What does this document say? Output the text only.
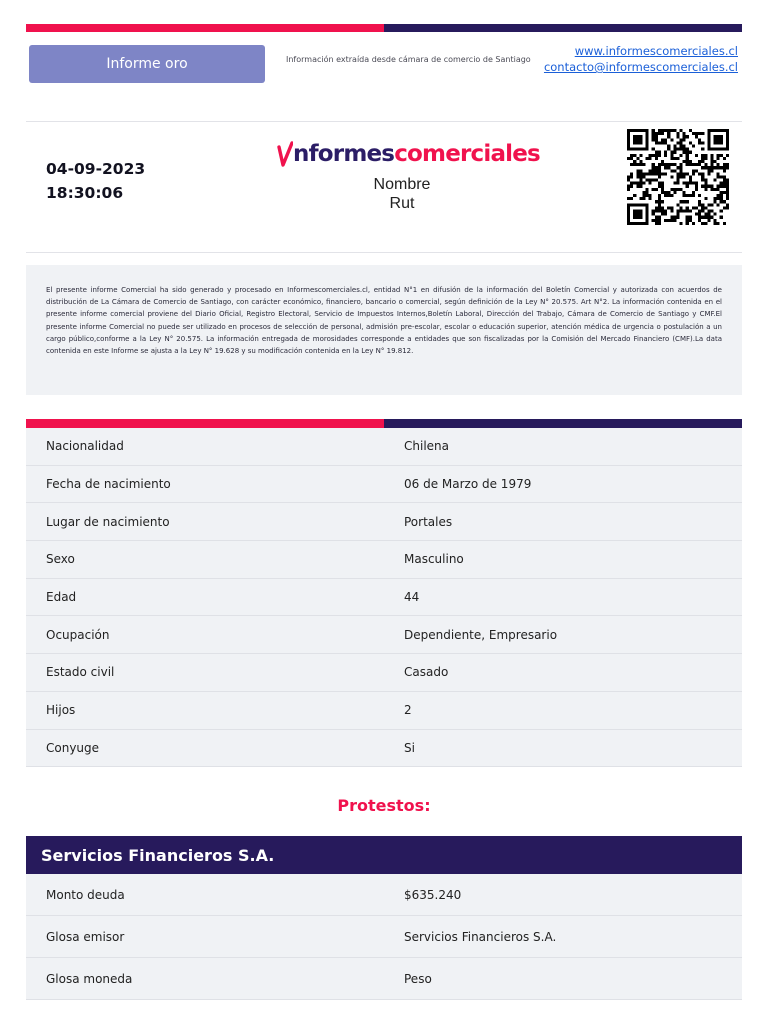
Informe oro	Información extraída desde cámara de comercio de Santiago
www.informescomerciales.cl
contacto@informescomerciales.cl
04-09-2023
18:30:06
nformescomerciales
Nombre
Rut

El presente informe Comercial ha sido generado y procesado en Informescomerciales.cl, entidad N°1 en difusión de la información del Boletín Comercial y autorizada con acuerdos de distribución de La Cámara de Comercio de Santiago, con carácter económico, financiero, bancario o comercial, según definición de la Ley N° 20.575. Art N°2. La información contenida en el presente informe comercial proviene del Diario Oficial, Registro Electoral, Servicio de Impuestos Internos,Boletín Laboral, Dirección del Trabajo, Cámara de Comercio de Santiago y CMF.El presente informe Comercial no puede ser utilizado en procesos de selección de personal, admisión pre-escolar, escolar o educación superior, atención médica de urgencia o postulación a un cargo público,conforme a la Ley N° 20.575. La información entregada de morosidades corresponde a entidades que son fiscalizadas por la Comisión del Mercado Financiero (CMF).La data contenida en este Informe se ajusta a la Ley N° 19.628 y su modificación contenida en la Ley N° 19.812.

Nacionalidad	Chilena
Fecha de nacimiento	06 de Marzo de 1979
Lugar de nacimiento	Portales
Sexo	Masculino
Edad	44
Ocupación	Dependiente, Empresario
Estado civil	Casado
Hijos	2
Conyuge	Si
Protestos:
Servicios Financieros S.A.
Monto deuda	$635.240
Glosa emisor	Servicios Financieros S.A.
Glosa moneda	Peso
